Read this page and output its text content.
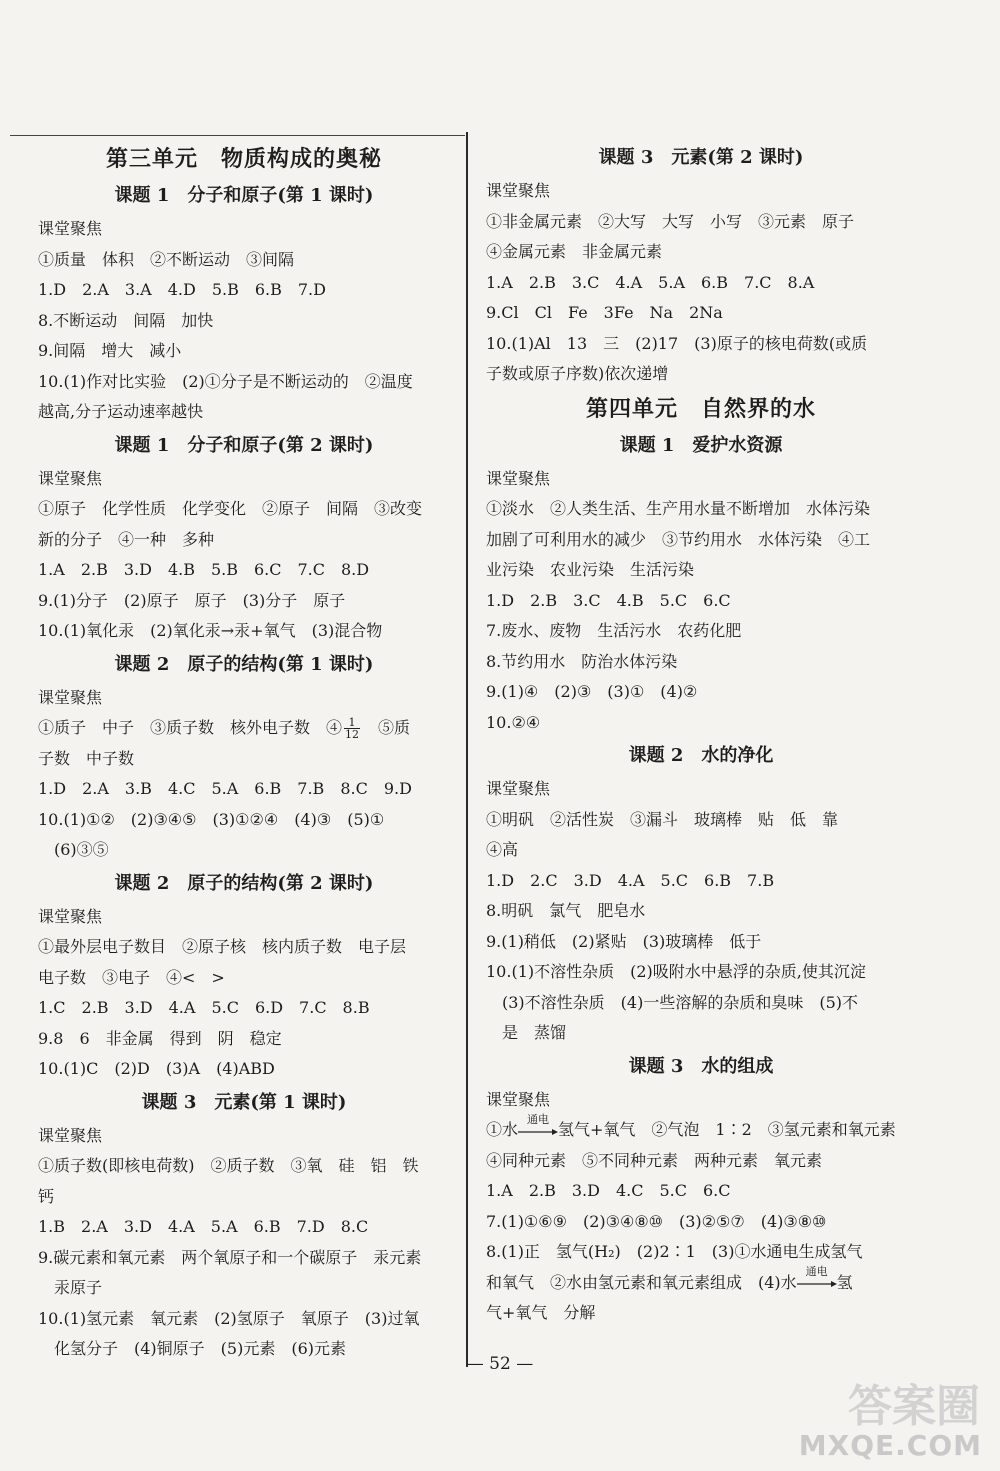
第三单元　物质构成的奥秘
课题 1　分子和原子(第 1 课时)
课堂聚焦
①质量　体积　②不断运动　③间隔
1.D　2.A　3.A　4.D　5.B　6.B　7.D
8.不断运动　间隔　加快
9.间隔　增大　减小
10.(1)作对比实验　(2)①分子是不断运动的　②温度
越高,分子运动速率越快
课题 1　分子和原子(第 2 课时)
课堂聚焦
①原子　化学性质　化学变化　②原子　间隔　③改变
新的分子　④一种　多种
1.A　2.B　3.D　4.B　5.B　6.C　7.C　8.D
9.(1)分子　(2)原子　原子　(3)分子　原子
10.(1)氧化汞　(2)氧化汞→汞+氧气　(3)混合物
课题 2　原子的结构(第 1 课时)
课堂聚焦
①质子　中子　③质子数　核外电子数　④ $\frac{1}{12}$ 　⑤质
子数　中子数
1.D　2.A　3.B　4.C　5.A　6.B　7.B　8.C　9.D
10.(1)①②　(2)③④⑤　(3)①②④　(4)③　(5)①
　(6)③⑤
课题 2　原子的结构(第 2 课时)
课堂聚焦
①最外层电子数目　②原子核　核内质子数　电子层
电子数　③电子　④<　>
1.C　2.B　3.D　4.A　5.C　6.D　7.C　8.B
9.8　6　非金属　得到　阴　稳定
10.(1)C　(2)D　(3)A　(4)ABD
课题 3　元素(第 1 课时)
课堂聚焦
①质子数(即核电荷数)　②质子数　③氧　硅　铝　铁
钙
1.B　2.A　3.D　4.A　5.A　6.B　7.D　8.C
9.碳元素和氧元素　两个氧原子和一个碳原子　汞元素
　汞原子
10.(1)氢元素　氧元素　(2)氢原子　氧原子　(3)过氧
　化氢分子　(4)铜原子　(5)元素　(6)元素
课题 3　元素(第 2 课时)
课堂聚焦
①非金属元素　②大写　大写　小写　③元素　原子
④金属元素　非金属元素
1.A　2.B　3.C　4.A　5.A　6.B　7.C　8.A
9.Cl　Cl　Fe　3Fe　Na　2Na
10.(1)Al　13　三　(2)17　(3)原子的核电荷数(或质
子数或原子序数)依次递增
第四单元　自然界的水
课题 1　爱护水资源
课堂聚焦
①淡水　②人类生活、生产用水量不断增加　水体污染
加剧了可利用水的减少　③节约用水　水体污染　④工
业污染　农业污染　生活污染
1.D　2.B　3.C　4.B　5.C　6.C
7.废水、废物　生活污水　农药化肥
8.节约用水　防治水体污染
9.(1)④　(2)③　(3)①　(4)②
10.②④
课题 2　水的净化
课堂聚焦
①明矾　②活性炭　③漏斗　玻璃棒　贴　低　靠
④高
1.D　2.C　3.D　4.A　5.C　6.B　7.B
8.明矾　氯气　肥皂水
9.(1)稍低　(2)紧贴　(3)玻璃棒　低于
10.(1)不溶性杂质　(2)吸附水中悬浮的杂质,使其沉淀
　(3)不溶性杂质　(4)一些溶解的杂质和臭味　(5)不
　是　蒸馏
课题 3　水的组成
课堂聚焦
①水
通电
氢气+氧气　②气泡　1∶2　③氢元素和氧元素
④同种元素　⑤不同种元素　两种元素　氧元素
1.A　2.B　3.D　4.C　5.C　6.C
7.(1)①⑥⑨　(2)③④⑧⑩　(3)②⑤⑦　(4)③⑧⑩
8.(1)正　氢气(H₂)　(2)2∶1　(3)①水通电生成氢气
和氧气　②水由氢元素和氧元素组成　(4)水
通电
氢
气+氧气　分解
— 52 —
答案圈
MXQE.COM
